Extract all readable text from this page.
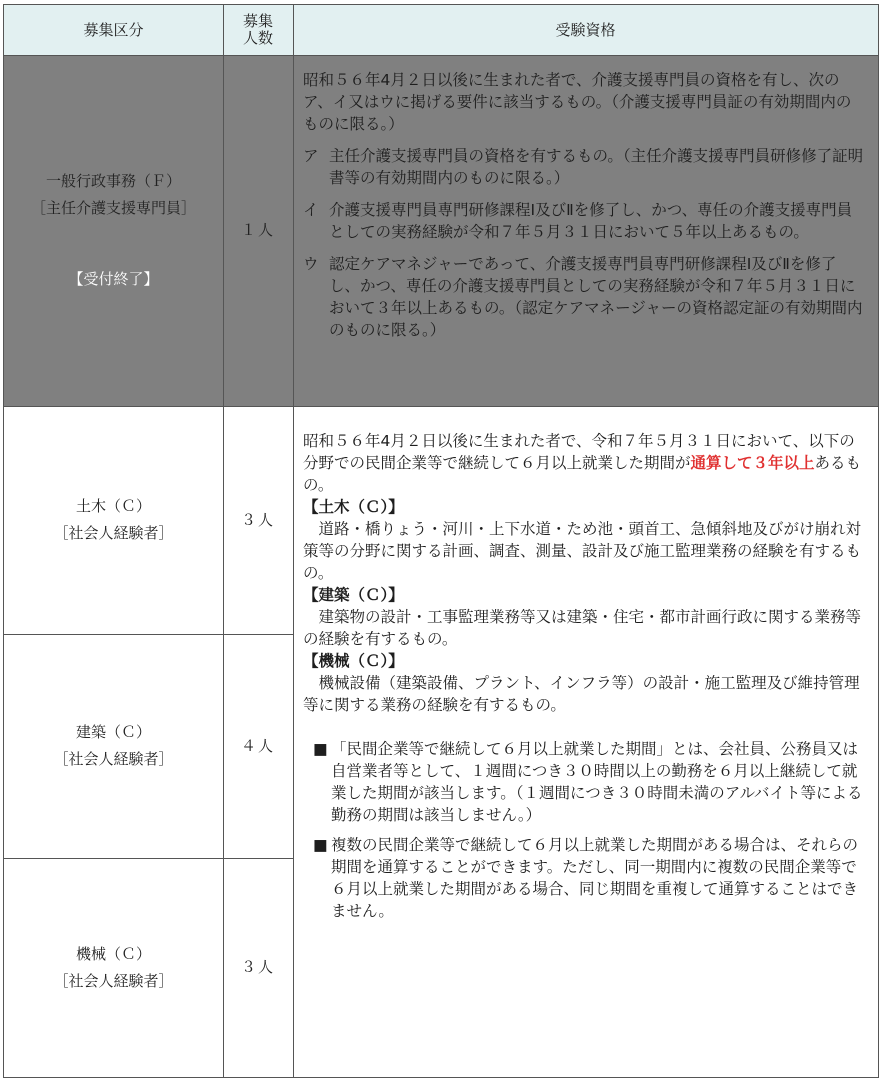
募集区分	募集
人数	受験資格
一般行政事務（Ｆ）
［主任介護支援専門員］
【受付終了】
１人

昭和５６年4月２日以後に生まれた者で、介護支援専門員の資格を有し、次のア、イ又はウに掲げる要件に該当するもの。（介護支援専門員証の有効期間内のものに限る。）

ア 主任介護支援専門員の資格を有するもの。（主任介護支援専門員研修修了証明書等の有効期間内のものに限る。）
イ 介護支援専門員専門研修課程Ⅰ及びⅡを修了し、かつ、専任の介護支援専門員としての実務経験が令和７年５月３１日において５年以上あるもの。
ウ 認定ケアマネジャーであって、介護支援専門員専門研修課程Ⅰ及びⅡを修了し、かつ、専任の介護支援専門員としての実務経験が令和７年５月３１日において３年以上あるもの。（認定ケアマネージャーの資格認定証の有効期間内のものに限る。）
土木（Ｃ）
［社会人経験者］
３人
建築（Ｃ）
［社会人経験者］
４人
機械（Ｃ）
［社会人経験者］
３人

昭和５６年4月２日以後に生まれた者で、令和７年５月３１日において、以下の分野での民間企業等で継続して６月以上就業した期間が通算して３年以上あるもの。

【土木（Ｃ）】

道路・橋りょう・河川・上下水道・ため池・頭首工、急傾斜地及びがけ崩れ対策等の分野に関する計画、調査、測量、設計及び施工監理業務の経験を有するもの。

【建築（Ｃ）】

建築物の設計・工事監理業務等又は建築・住宅・都市計画行政に関する業務等の経験を有するもの。

【機械（Ｃ）】

機械設備（建築設備、プラント、インフラ等）の設計・施工監理及び維持管理等に関する業務の経験を有するもの。

■ 「民間企業等で継続して６月以上就業した期間」とは、会社員、公務員又は自営業者等として、１週間につき３０時間以上の勤務を６月以上継続して就業した期間が該当します。（１週間につき３０時間未満のアルバイト等による勤務の期間は該当しません。）
■ 複数の民間企業等で継続して６月以上就業した期間がある場合は、それらの期間を通算することができます。ただし、同一期間内に複数の民間企業等で６月以上就業した期間がある場合、同じ期間を重複して通算することはできません。
